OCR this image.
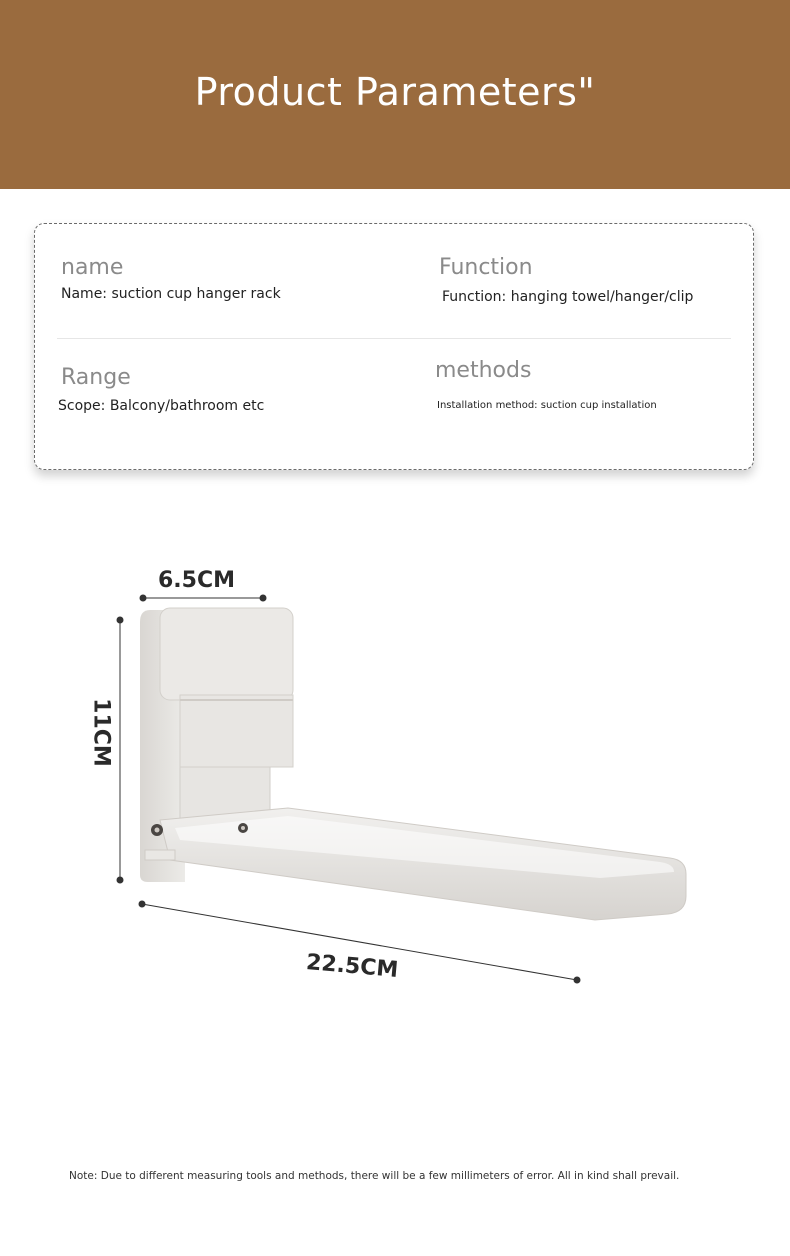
Product Parameters"
name
Name: suction cup hanger rack
Function
Function: hanging towel/hanger/clip
Range
Scope: Balcony/bathroom etc
methods
Installation method: suction cup installation
6.5CM
11CM
22.5CM
Note: Due to different measuring tools and methods, there will be a few millimeters of error. All in kind shall prevail.
